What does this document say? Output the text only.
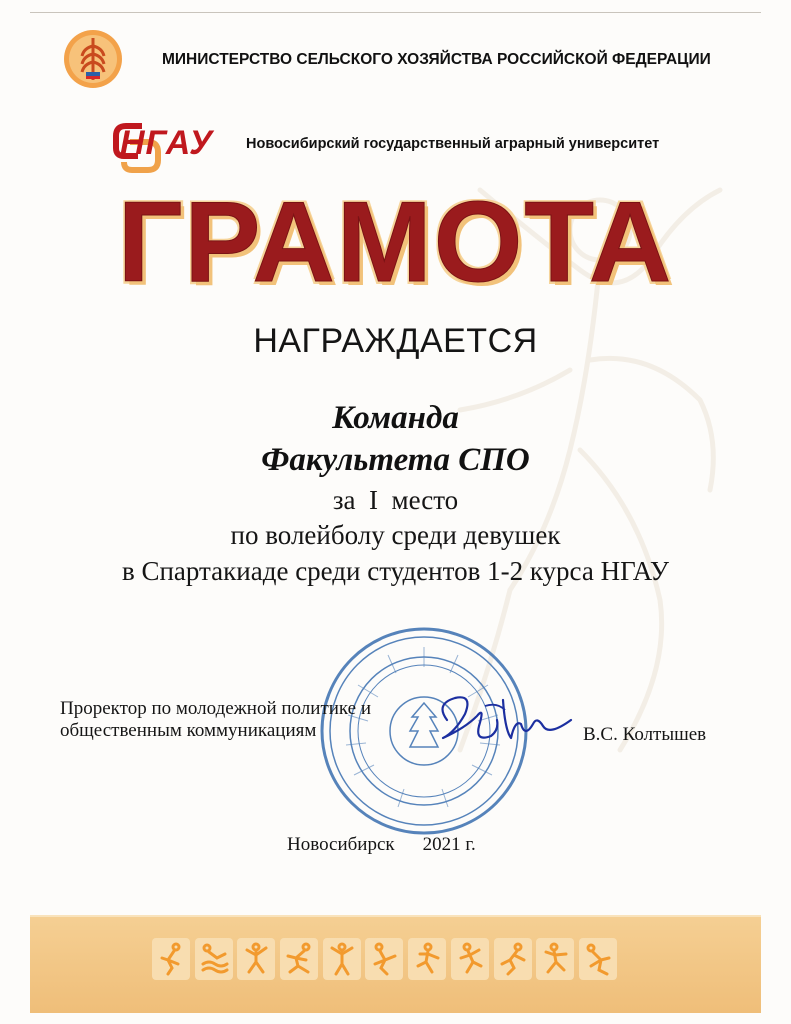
МИНИСТЕРСТВО СЕЛЬСКОГО ХОЗЯЙСТВА РОССИЙСКОЙ ФЕДЕРАЦИИ
НГАУ Новосибирский государственный аграрный университет
ГРАМОТА
НАГРАЖДАЕТСЯ
Команда
Факультета СПО
за  I  место
по волейболу среди девушек
в Спартакиаде среди студентов 1-2 курса НГАУ
Проректор по молодежной политике и
общественным коммуникациям	В.С. Колтышев
Новосибирск 2021 г.
